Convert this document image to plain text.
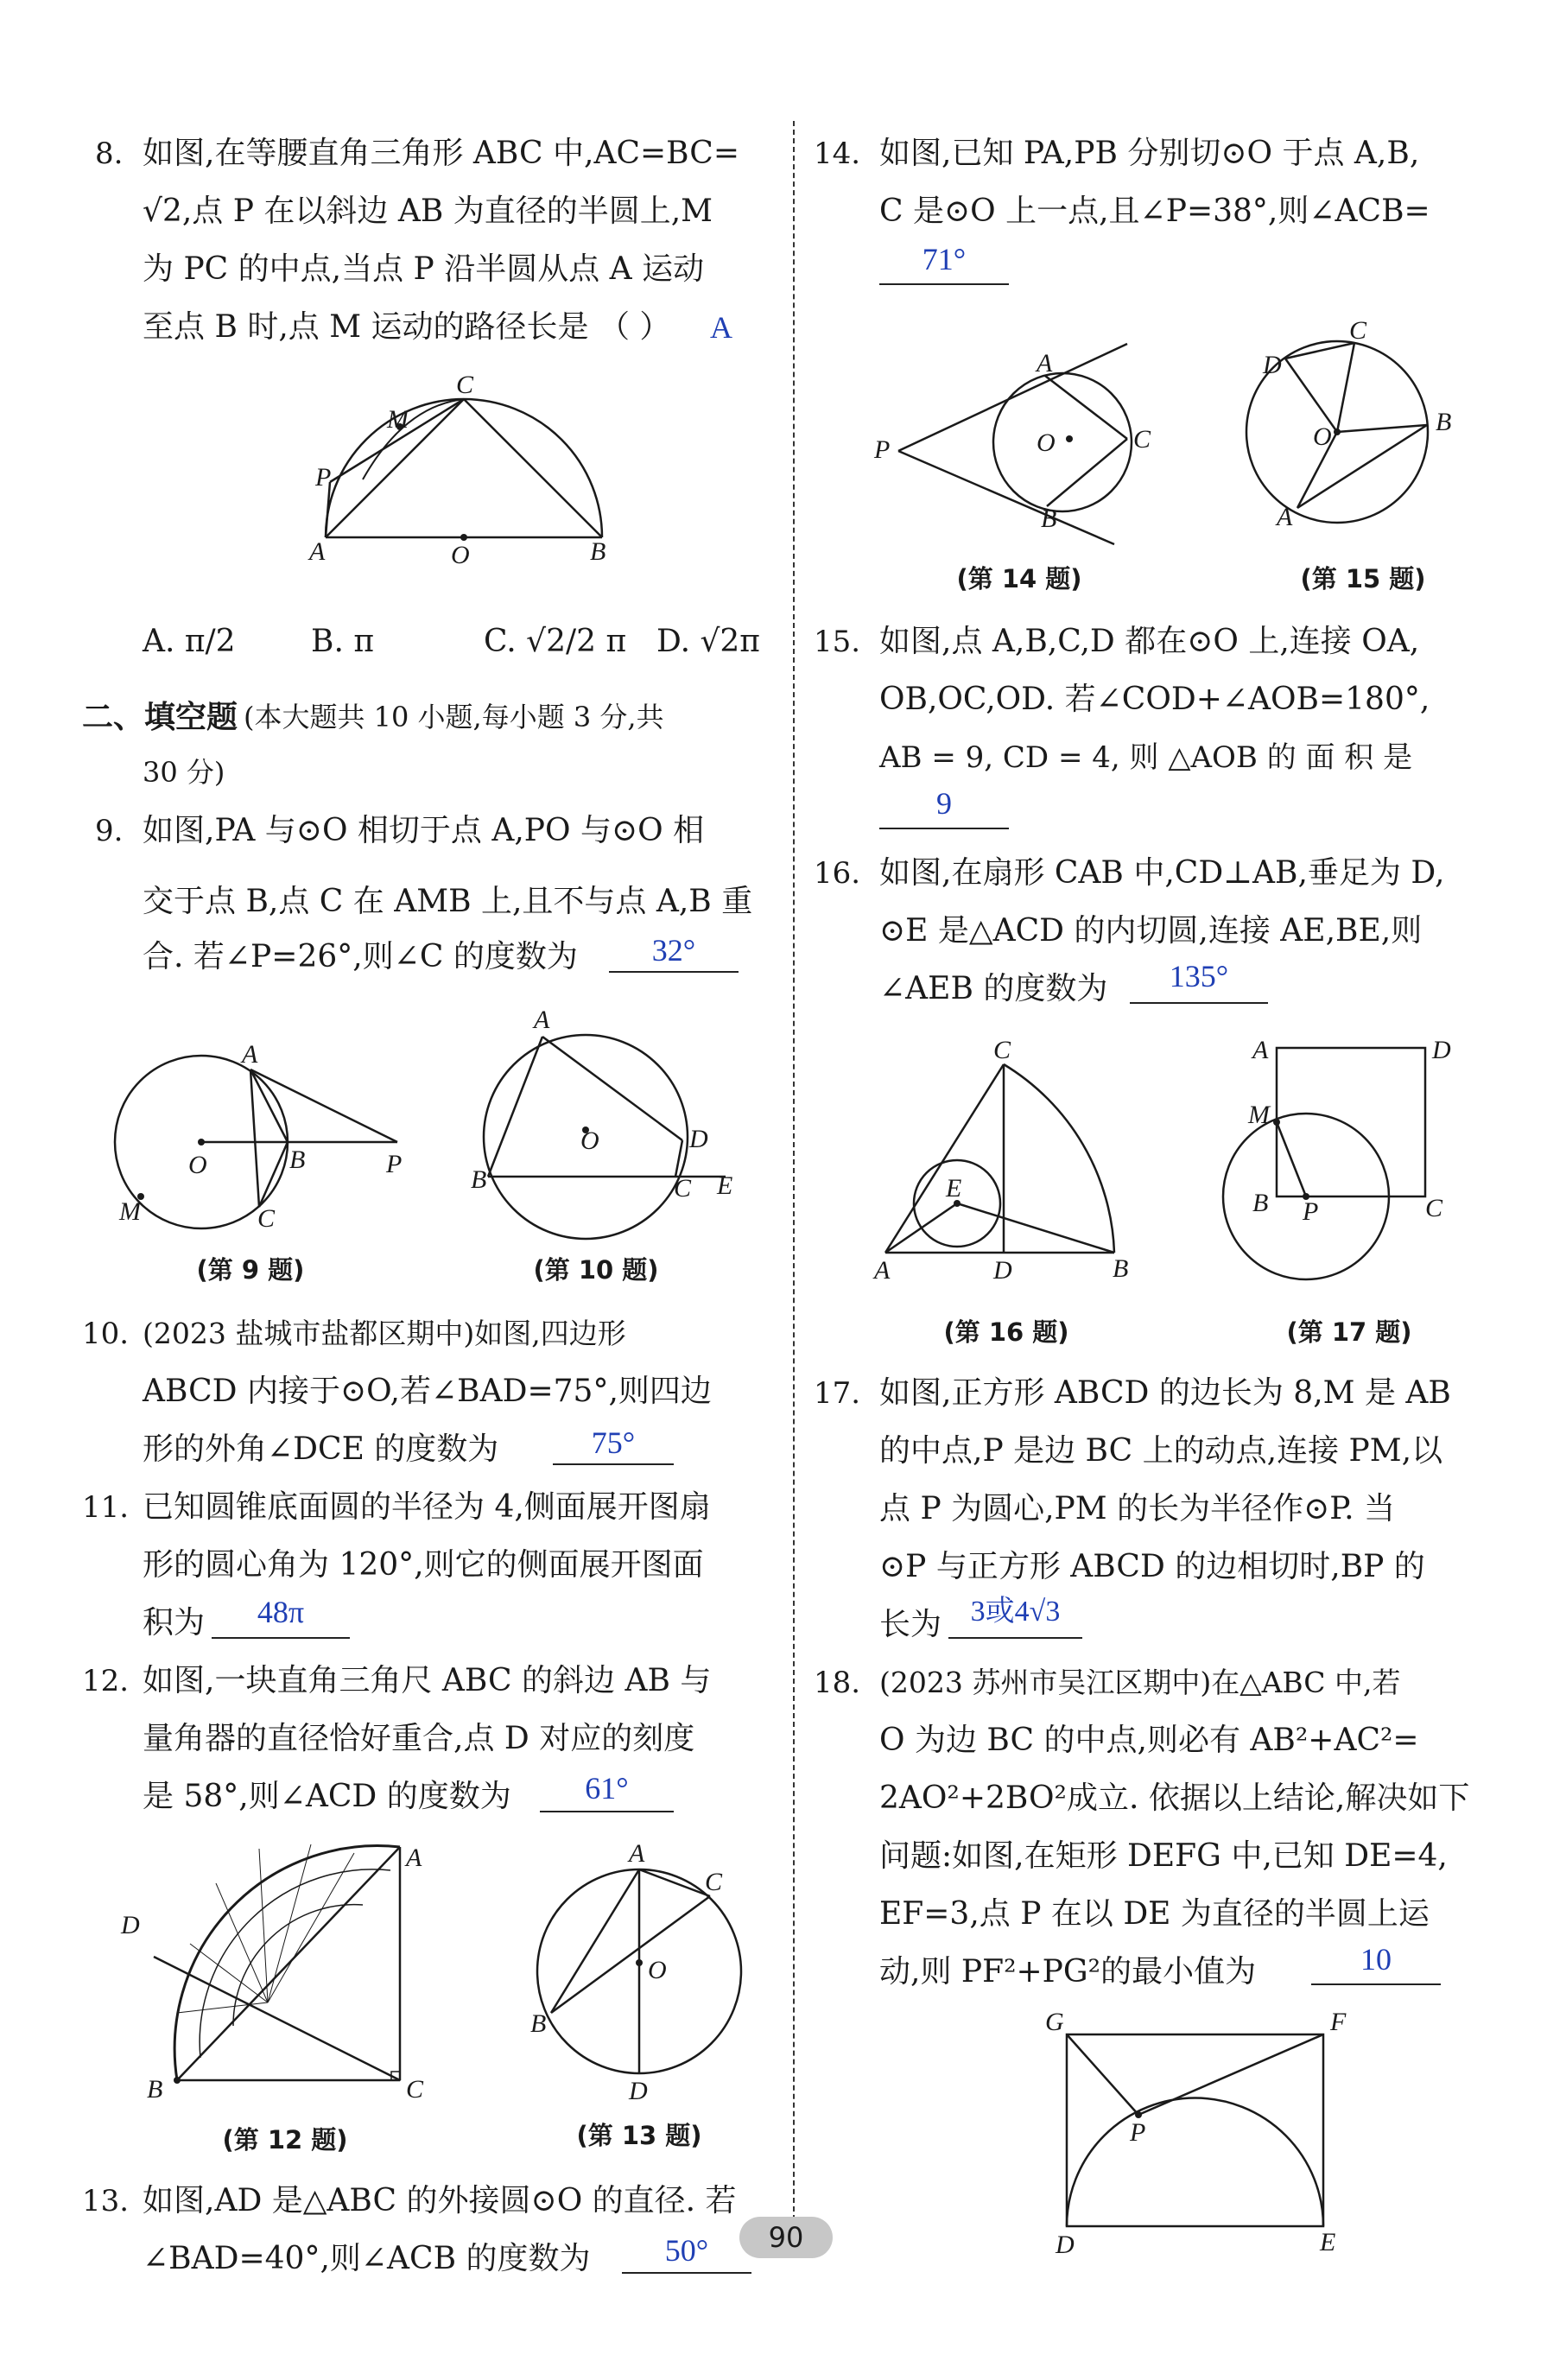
8. 如图,在等腰直角三角形 ABC 中,AC=BC=
√2,点 P 在以斜边 AB 为直径的半圆上,M
为 PC 的中点,当点 P 沿半圆从点 A 运动
至点 B 时,点 M 运动的路径长是 （ ）	A
C
M
P
A	O	B
A
O	B	P
M	C
A
O	D
B	C E
A
D
B	C
A
C
O
B
D
A. π/2 B. π	C. √2/2 π D. √2π
二、填空题 (本大题共 10 小题,每小题 3 分,共
30 分)
9. 如图,PA 与⊙O 相切于点 A,PO 与⊙O 相
交于点 B,点 C 在 AMB 上,且不与点 A,B 重
合. 若∠P=26°,则∠C 的度数为	32°
(第 9 题)	(第 10 题)
10. (2023 盐城市盐都区期中)如图,四边形
ABCD 内接于⊙O,若∠BAD=75°,则四边
形的外角∠DCE 的度数为	75°
11. 已知圆锥底面圆的半径为 4,侧面展开图扇
形的圆心角为 120°,则它的侧面展开图面
积为	48π
12. 如图,一块直角三角尺 ABC 的斜边 AB 与
量角器的直径恰好重合,点 D 对应的刻度
是 58°,则∠ACD 的度数为	61°
(第 12 题)	(第 13 题)
13. 如图,AD 是△ABC 的外接圆⊙O 的直径. 若
∠BAD=40°,则∠ACB 的度数为	50°
14. 如图,已知 PA,PB 分别切⊙O 于点 A,B,
C 是⊙O 上一点,且∠P=38°,则∠ACB=
71°
A
P	O	C
B
C
D
O
B
A
C
E
A	D	B
A	D
M
B P	C
G	F
P
D	E
(第 14 题)	(第 15 题)
15. 如图,点 A,B,C,D 都在⊙O 上,连接 OA,
OB,OC,OD. 若∠COD+∠AOB=180°,
AB = 9, CD = 4, 则 △AOB 的 面 积 是
9
16. 如图,在扇形 CAB 中,CD⊥AB,垂足为 D,
⊙E 是△ACD 的内切圆,连接 AE,BE,则
∠AEB 的度数为	135°
(第 16 题)	(第 17 题)
17. 如图,正方形 ABCD 的边长为 8,M 是 AB
的中点,P 是边 BC 上的动点,连接 PM,以
点 P 为圆心,PM 的长为半径作⊙P. 当
⊙P 与正方形 ABCD 的边相切时,BP 的
长为 3或4√3
18. (2023 苏州市吴江区期中)在△ABC 中,若
O 为边 BC 的中点,则必有 AB²+AC²=
2AO²+2BO²成立. 依据以上结论,解决如下
问题:如图,在矩形 DEFG 中,已知 DE=4,
EF=3,点 P 在以 DE 为直径的半圆上运
动,则 PF²+PG²的最小值为	10
90
